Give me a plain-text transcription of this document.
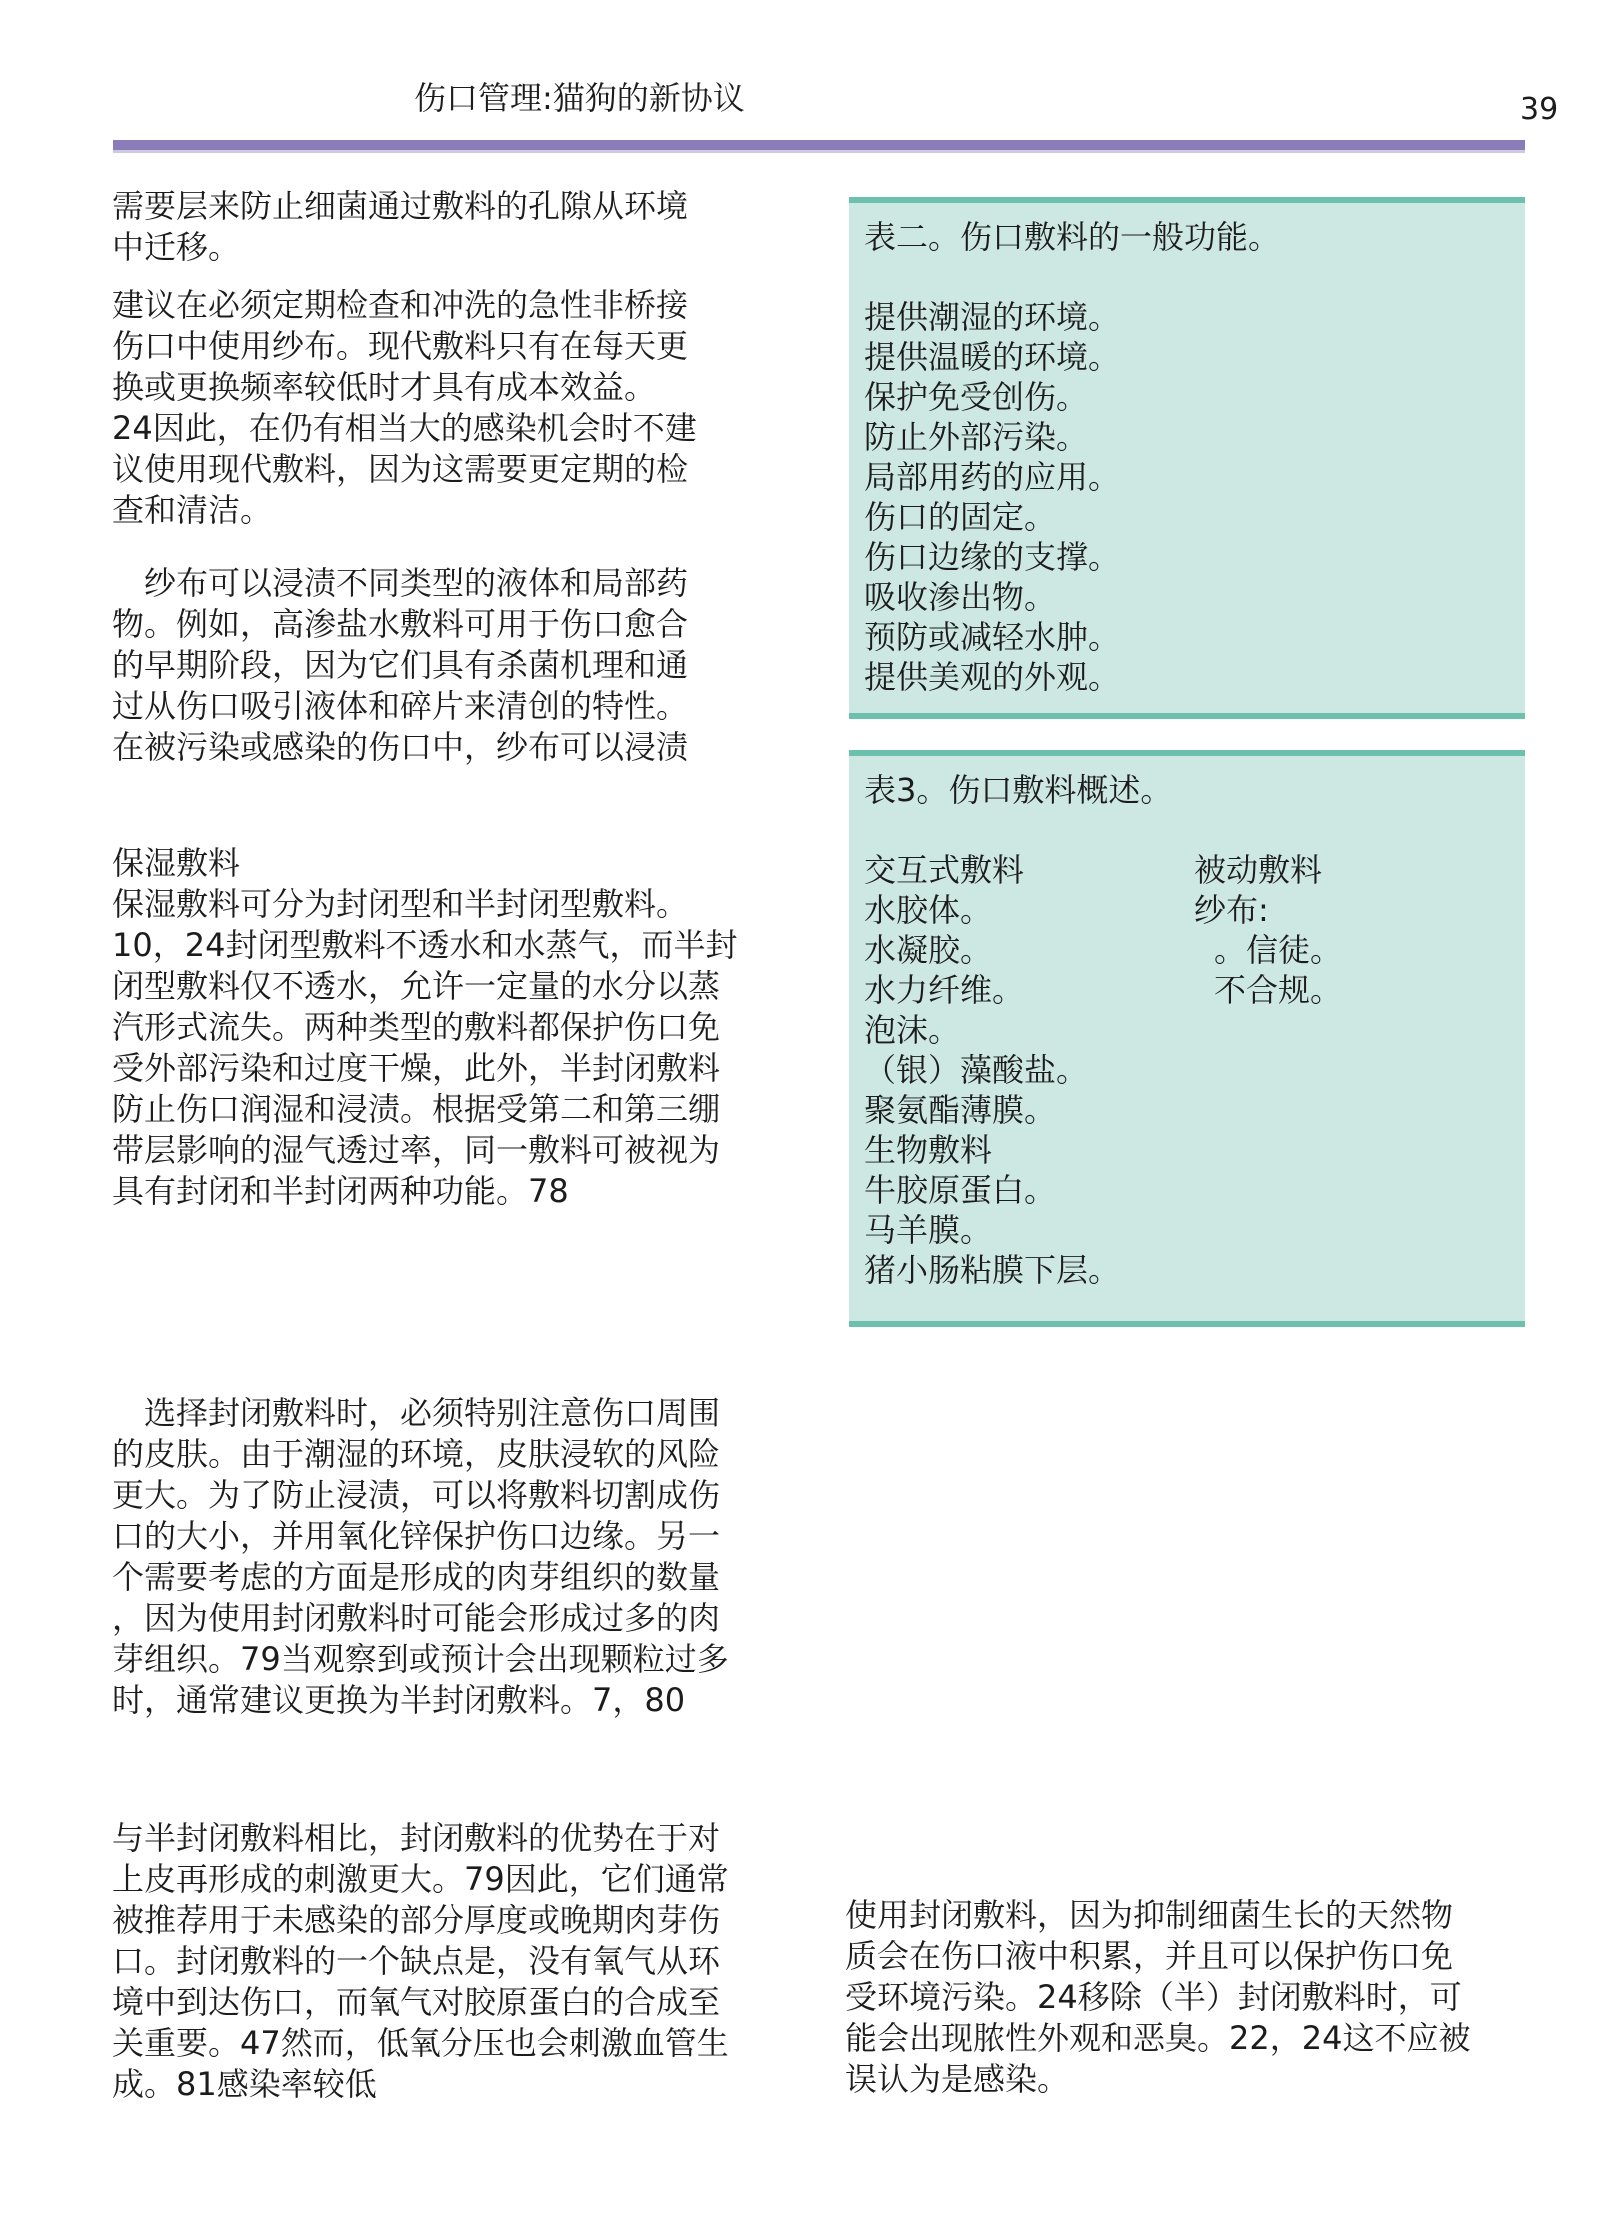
伤口管理:猫狗的新协议	39

需要层来防止细菌通过敷料的孔隙从环境
中迁移。

建议在必须定期检查和冲洗的急性非桥接
伤口中使用纱布。现代敷料只有在每天更
换或更换频率较低时才具有成本效益。
24因此，在仍有相当大的感染机会时不建
议使用现代敷料，因为这需要更定期的检
查和清洁。

纱布可以浸渍不同类型的液体和局部药
物。例如，高渗盐水敷料可用于伤口愈合
的早期阶段，因为它们具有杀菌机理和通
过从伤口吸引液体和碎片来清创的特性。
在被污染或感染的伤口中，纱布可以浸渍

保湿敷料

保湿敷料可分为封闭型和半封闭型敷料。
10，24封闭型敷料不透水和水蒸气，而半封
闭型敷料仅不透水，允许一定量的水分以蒸
汽形式流失。两种类型的敷料都保护伤口免
受外部污染和过度干燥，此外，半封闭敷料
防止伤口润湿和浸渍。根据受第二和第三绷
带层影响的湿气透过率，同一敷料可被视为
具有封闭和半封闭两种功能。78

选择封闭敷料时，必须特别注意伤口周围
的皮肤。由于潮湿的环境，皮肤浸软的风险
更大。为了防止浸渍，可以将敷料切割成伤
口的大小，并用氧化锌保护伤口边缘。另一
个需要考虑的方面是形成的肉芽组织的数量
，因为使用封闭敷料时可能会形成过多的肉
芽组织。79当观察到或预计会出现颗粒过多
时，通常建议更换为半封闭敷料。7，80

与半封闭敷料相比，封闭敷料的优势在于对
上皮再形成的刺激更大。79因此，它们通常
被推荐用于未感染的部分厚度或晚期肉芽伤
口。封闭敷料的一个缺点是，没有氧气从环
境中到达伤口，而氧气对胶原蛋白的合成至
关重要。47然而，低氧分压也会刺激血管生
成。81感染率较低

表二。伤口敷料的一般功能。
提供潮湿的环境。
提供温暖的环境。
保护免受创伤。
防止外部污染。
局部用药的应用。
伤口的固定。
伤口边缘的支撑。
吸收渗出物。
预防或减轻水肿。
提供美观的外观。
表3。伤口敷料概述。
交互式敷料
水胶体。
水凝胶。
水力纤维。
泡沫。
（银）藻酸盐。
聚氨酯薄膜。
生物敷料
牛胶原蛋白。
马羊膜。
猪小肠粘膜下层。
被动敷料
纱布:
。信徒。
不合规。

使用封闭敷料，因为抑制细菌生长的天然物
质会在伤口液中积累，并且可以保护伤口免
受环境污染。24移除（半）封闭敷料时，可
能会出现脓性外观和恶臭。22，24这不应被
误认为是感染。
